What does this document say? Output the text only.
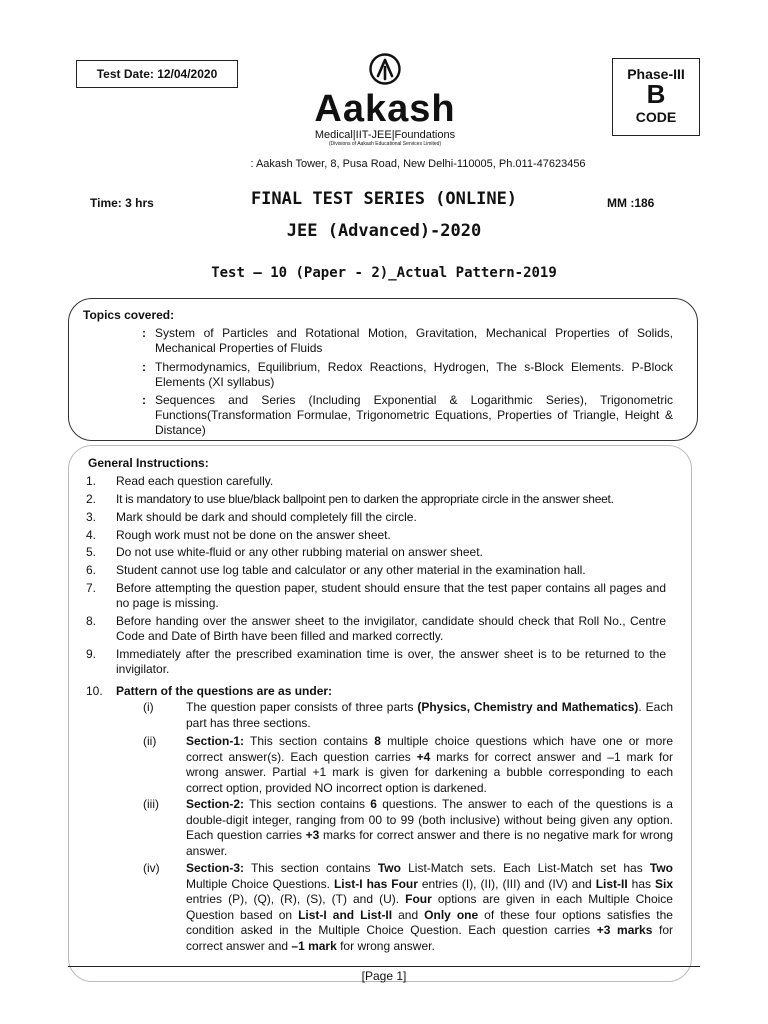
Test Date: 12/04/2020	Phase-III
B
CODE
Aakash
Medical|IIT-JEE|Foundations
(Divisions of Aakash Educational Services Limited)
: Aakash Tower, 8, Pusa Road, New Delhi-110005, Ph.011-47623456
Time: 3 hrs	MM :186
FINAL TEST SERIES (ONLINE)
JEE (Advanced)-2020
Test – 10 (Paper - 2)_Actual Pattern-2019
Topics covered:
: System of Particles and Rotational Motion, Gravitation, Mechanical Properties of Solids, Mechanical Properties of Fluids
: Thermodynamics, Equilibrium, Redox Reactions, Hydrogen, The s-Block Elements. P-Block Elements (XI syllabus)
: Sequences and Series (Including Exponential & Logarithmic Series), Trigonometric Functions(Transformation Formulae, Trigonometric Equations, Properties of Triangle, Height & Distance)
General Instructions:
1. Read each question carefully.
2. It is mandatory to use blue/black ballpoint pen to darken the appropriate circle in the answer sheet.
3. Mark should be dark and should completely fill the circle.
4. Rough work must not be done on the answer sheet.
5. Do not use white-fluid or any other rubbing material on answer sheet.
6. Student cannot use log table and calculator or any other material in the examination hall.
7. Before attempting the question paper, student should ensure that the test paper contains all pages and no page is missing.
8. Before handing over the answer sheet to the invigilator, candidate should check that Roll No., Centre Code and Date of Birth have been filled and marked correctly.
9. Immediately after the prescribed examination time is over, the answer sheet is to be returned to the invigilator.
10. Pattern of the questions are as under:
(i)	The question paper consists of three parts (Physics, Chemistry and Mathematics). Each part has three sections.
(ii) Section-1: This section contains 8 multiple choice questions which have one or more correct answer(s). Each question carries +4 marks for correct answer and –1 mark for wrong answer. Partial +1 mark is given for darkening a bubble corresponding to each correct option, provided NO incorrect option is darkened.
(iii) Section-2: This section contains 6 questions. The answer to each of the questions is a double-digit integer, ranging from 00 to 99 (both inclusive) without being given any option. Each question carries +3 marks for correct answer and there is no negative mark for wrong answer.
(iv) Section-3: This section contains Two List-Match sets. Each List-Match set has Two Multiple Choice Questions. List-I has Four entries (I), (II), (III) and (IV) and List-II has Six entries (P), (Q), (R), (S), (T) and (U). Four options are given in each Multiple Choice Question based on List-I and List-II and Only one of these four options satisfies the condition asked in the Multiple Choice Question. Each question carries +3 marks for correct answer and –1 mark for wrong answer.
[Page 1]
